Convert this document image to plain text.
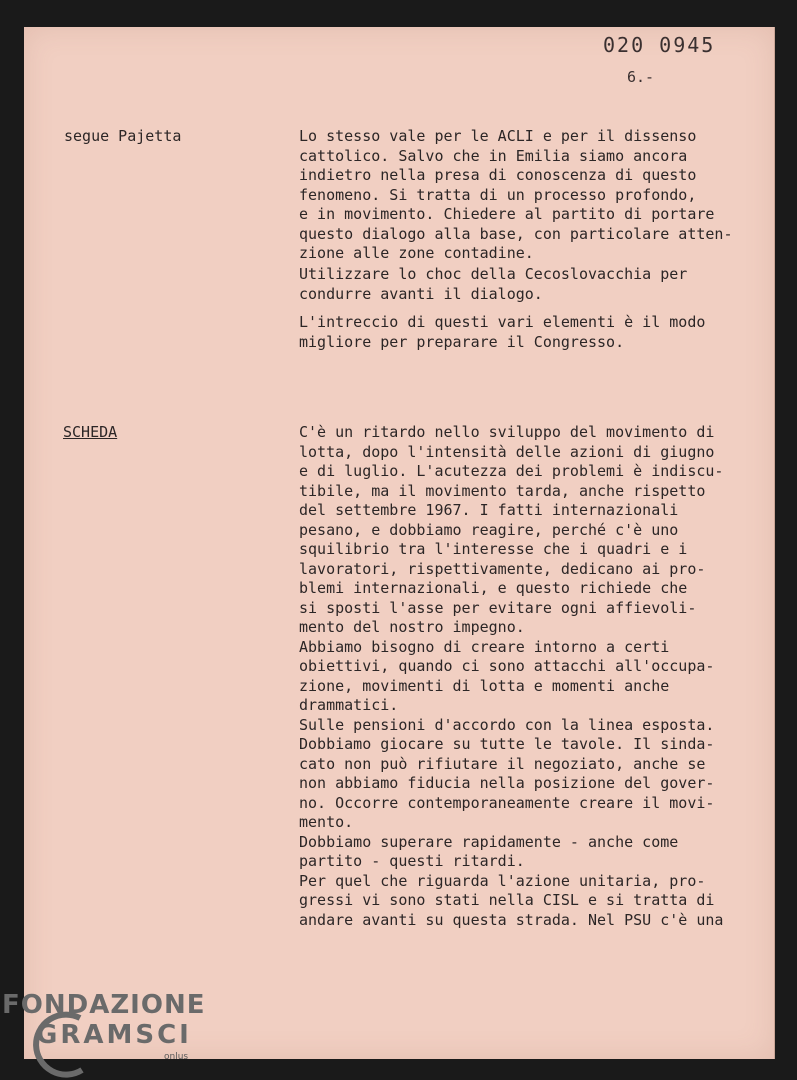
020 0945
6.-
segue Pajetta	Lo stesso vale per le ACLI e per il dissenso
cattolico. Salvo che in Emilia siamo ancora
indietro nella presa di conoscenza di questo
fenomeno. Si tratta di un processo profondo,
e in movimento. Chiedere al partito di portare
questo dialogo alla base, con particolare atten-
zione alle zone contadine.
Utilizzare lo choc della Cecoslovacchia per
condurre avanti il dialogo.
L'intreccio di questi vari elementi è il modo
migliore per preparare il Congresso.
SCHEDA	C'è un ritardo nello sviluppo del movimento di
lotta, dopo l'intensità delle azioni di giugno
e di luglio. L'acutezza dei problemi è indiscu-
tibile, ma il movimento tarda, anche rispetto
del settembre 1967. I fatti internazionali
pesano, e dobbiamo reagire, perché c'è uno
squilibrio tra l'interesse che i quadri e i
lavoratori, rispettivamente, dedicano ai pro-
blemi internazionali, e questo richiede che
si sposti l'asse per evitare ogni affievoli-
mento del nostro impegno.
Abbiamo bisogno di creare intorno a certi
obiettivi, quando ci sono attacchi all'occupa-
zione, movimenti di lotta e momenti anche
drammatici.
Sulle pensioni d'accordo con la linea esposta.
Dobbiamo giocare su tutte le tavole. Il sinda-
cato non può rifiutare il negoziato, anche se
non abbiamo fiducia nella posizione del gover-
no. Occorre contemporaneamente creare il movi-
mento.
Dobbiamo superare rapidamente - anche come
partito - questi ritardi.
Per quel che riguarda l'azione unitaria, pro-
gressi vi sono stati nella CISL e si tratta di
andare avanti su questa strada. Nel PSU c'è una
FONDAZIONE
GRAMSCI
onlus
